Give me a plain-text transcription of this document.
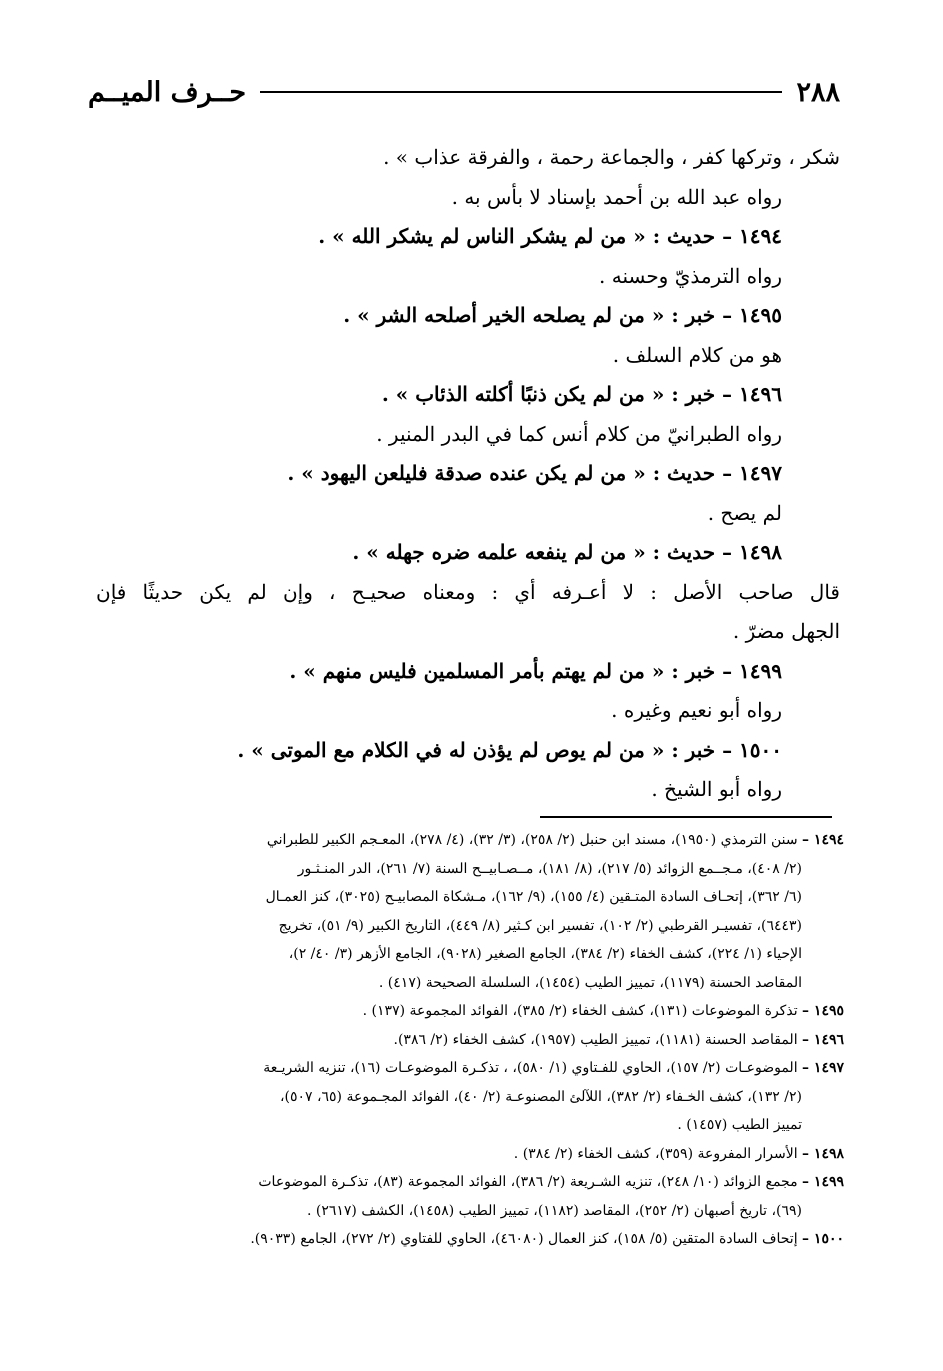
٢٨٨
حــرف الميــم
شكر ، وتركها كفر ، والجماعة رحمة ، والفرقة عذاب » .
رواه عبد الله بن أحمد بإسناد لا بأس به .
١٤٩٤ – حديث : « من لم يشكر الناس لم يشكر الله » .
رواه الترمذيّ وحسنه .
١٤٩٥ – خبر : « من لم يصلحه الخير أصلحه الشر » .
هو من كلام السلف .
١٤٩٦ – خبر : « من لم يكن ذنبًا أكلته الذئاب » .
رواه الطبرانيّ من كلام أنس كما في البدر المنير .
١٤٩٧ – حديث : « من لم يكن عنده صدقة فليلعن اليهود » .
لم يصح .
١٤٩٨ – حديث : « من لم ينفعه علمه ضره جهله » .
قال صاحب الأصل : لا أعـرفه أي : ومعناه صحيـح ، وإن لم يكن حديثًا فإن
الجهل مضرّ .
١٤٩٩ – خبر : « من لم يهتم بأمر المسلمين فليس منهم » .
رواه أبو نعيم وغيره .
١٥٠٠ – خبر : « من لم يوص لم يؤذن له في الكلام مع الموتى » .
رواه أبو الشيخ .
١٤٩٤ – سنن الترمذي (١٩٥٠)، مسند ابن حنبل (٢/ ٢٥٨)، (٣/ ٣٢)، (٤/ ٢٧٨)، المعـجم الكبير للطبراني
(٢/ ٤٠٨)، مـجــمع الزوائد (٥/ ٢١٧)، (٨/ ١٨١)، مــصـابيــح السنة (٧/ ٢٦١)، الدر المنـثـور
(٦/ ٣٦٢)، إتحـاف السادة المتـقين (٤/ ١٥٥)، (٩/ ١٦٢)، مـشكاة المصابيـح (٣٠٢٥)، كنز العمـال
(٦٤٤٣)، تفسيـر القرطبي (٢/ ١٠٢)، تفسير ابن كـثير (٨/ ٤٤٩)، التاريخ الكبير (٩/ ٥١)، تخريج
الإحياء (١/ ٢٢٤)، كشف الخفاء (٢/ ٣٨٤)، الجامع الصغير (٩٠٢٨)، الجامع الأزهر (٣/ ٤٠/ ٢)،
المقاصد الحسنة (١١٧٩)، تمييز الطيب (١٤٥٤)، السلسلة الصحيحة (٤١٧) .
١٤٩٥ – تذكرة الموضوعات (١٣١)، كشف الخفاء (٢/ ٣٨٥)، الفوائد المجموعة (١٣٧) .
١٤٩٦ – المقاصد الحسنة (١١٨١)، تمييز الطيب (١٩٥٧)، كشف الخفاء (٢/ ٣٨٦).
١٤٩٧ – الموضوعـات (٢/ ١٥٧)، الحاوي للفـتاوي (١/ ٥٨٠)، ، تذكـرة الموضوعـات (١٦)، تنزيه الشريـعة
(٢/ ١٣٢)، كشف الخـفاء (٢/ ٣٨٢)، اللآلئ المصنوعـة (٢/ ٤٠)، الفوائد المجـموعة (٦٥، ٥٠٧)،
تمييز الطيب (١٤٥٧) .
١٤٩٨ – الأسرار المفروعة (٣٥٩)، كشف الخفاء (٢/ ٣٨٤) .
١٤٩٩ – مجمع الزوائد (١٠/ ٢٤٨)، تنزيه الشـريعة (٢/ ٣٨٦)، الفوائد المجموعة (٨٣)، تذكـرة الموضوعات
(٦٩)، تاريخ أصبهان (٢/ ٢٥٢)، المقاصد (١١٨٢)، تمييز الطيب (١٤٥٨)، الكشف (٢٦١٧) .
١٥٠٠ – إتحاف السادة المتقين (٥/ ١٥٨)، كنز العمال (٤٦٠٨٠)، الحاوي للفتاوي (٢/ ٢٧٢)، الجامع (٩٠٣٣).
